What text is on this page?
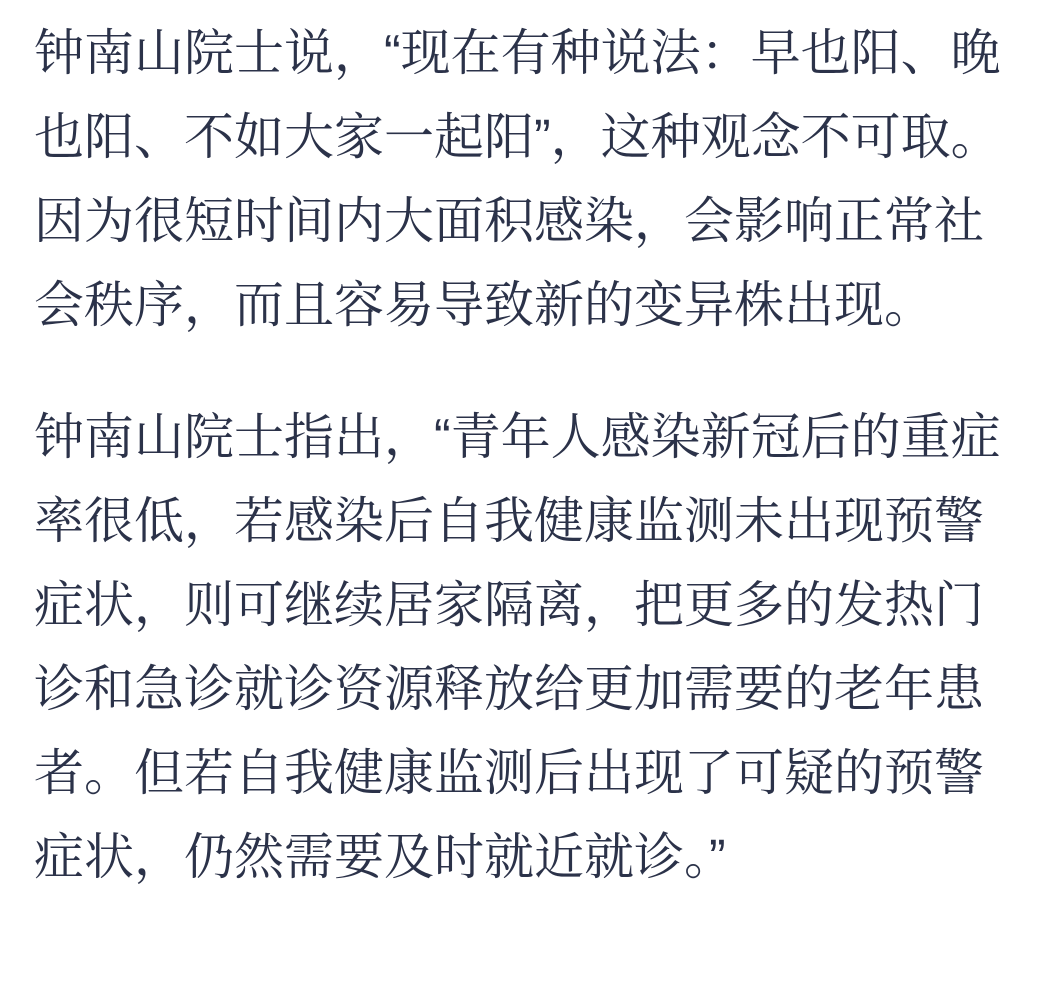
钟南山院士说，“现在有种说法：早也阳、晚也阳、不如大家一起阳”，这种观念不可取。因为很短时间内大面积感染，会影响正常社会秩序，而且容易导致新的变异株出现。

钟南山院士指出，“青年人感染新冠后的重症率很低，若感染后自我健康监测未出现预警症状，则可继续居家隔离，把更多的发热门诊和急诊就诊资源释放给更加需要的老年患者。但若自我健康监测后出现了可疑的预警症状，仍然需要及时就近就诊。”
